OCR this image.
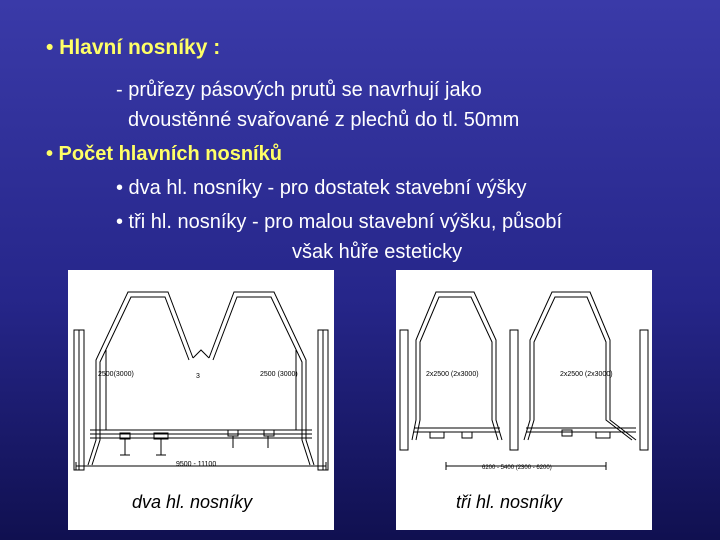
• Hlavní nosníky :
- průřezy pásových prutů se navrhují jako
dvoustěnné svařované z plechů do tl. 50mm
• Počet hlavních nosníků
• dva hl. nosníky - pro dostatek stavební výšky
• tři hl. nosníky - pro malou stavební výšku, působí
však hůře esteticky
2500(3000)	3	2500 (3000)
9500 - 11100
dva hl. nosníky
2x2500 (2x3000)	2x2500 (2x3000)
6200 - 5400 (2300 - 6200)
tři hl. nosníky
